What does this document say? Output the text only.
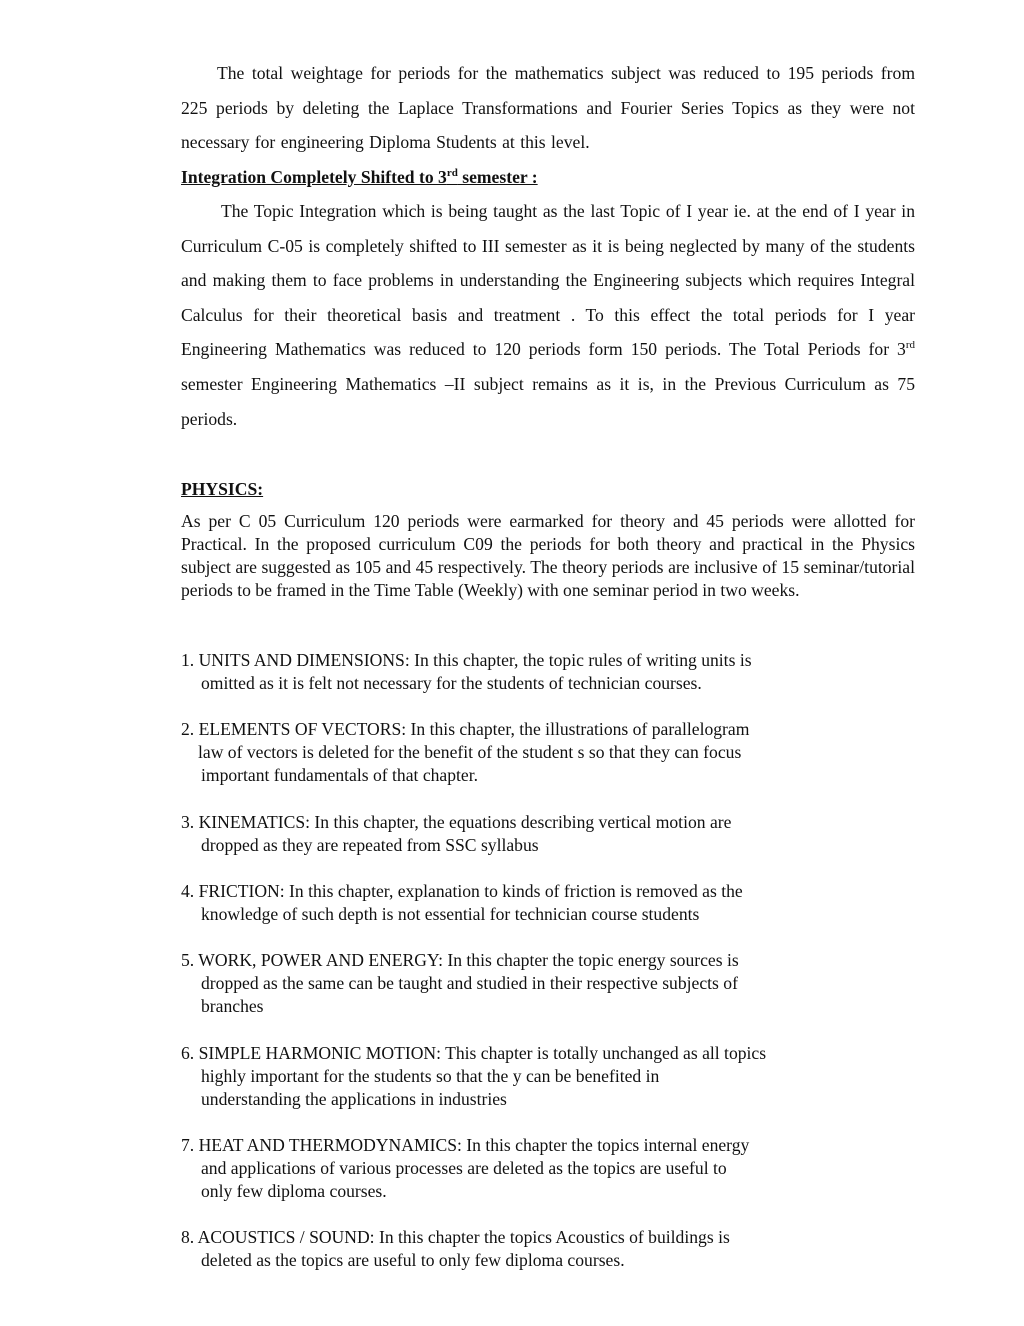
The total weightage for periods for the mathematics subject was reduced to 195 periods from 225 periods by deleting the Laplace Transformations and Fourier Series Topics as they were not necessary for engineering Diploma Students at this level.

Integration Completely Shifted to 3rd semester :

The Topic Integration which is being taught as the last Topic of I year ie. at the end of I year in Curriculum C-05 is completely shifted to III semester as it is being neglected by many of the students and making them to face problems in understanding the Engineering subjects which requires Integral Calculus for their theoretical basis and treatment . To this effect the total periods for I year Engineering Mathematics was reduced to 120 periods form 150 periods. The Total Periods for 3rd semester Engineering Mathematics –II subject remains as it is, in the Previous Curriculum as 75 periods.

PHYSICS:

As per C 05 Curriculum 120 periods were earmarked for theory and 45 periods were allotted for Practical. In the proposed curriculum C09 the periods for both theory and practical in the Physics subject are suggested as 105 and 45 respectively. The theory periods are inclusive of 15 seminar/tutorial periods to be framed in the Time Table (Weekly) with one seminar period in two weeks.

1. UNITS AND DIMENSIONS: In this chapter, the topic rules of writing units is
omitted as it is felt not necessary for the students of technician courses.
2. ELEMENTS OF VECTORS: In this chapter, the illustrations of parallelogram
law of vectors is deleted for the benefit of the student s so that they can focus
important fundamentals of that chapter.
3. KINEMATICS: In this chapter, the equations describing vertical motion are
dropped as they are repeated from SSC syllabus
4. FRICTION: In this chapter, explanation to kinds of friction is removed as the
knowledge of such depth is not essential for technician course students
5. WORK, POWER AND ENERGY: In this chapter the topic energy sources is
dropped as the same can be taught and studied in their respective subjects of
branches
6. SIMPLE HARMONIC MOTION: This chapter is totally unchanged as all topics
highly important for the students so that the y can be benefited in
understanding the applications in industries
7. HEAT AND THERMODYNAMICS: In this chapter the topics internal energy
and applications of various processes are deleted as the topics are useful to
only few diploma courses.
8. ACOUSTICS / SOUND: In this chapter the topics Acoustics of buildings is
deleted as the topics are useful to only few diploma courses.
